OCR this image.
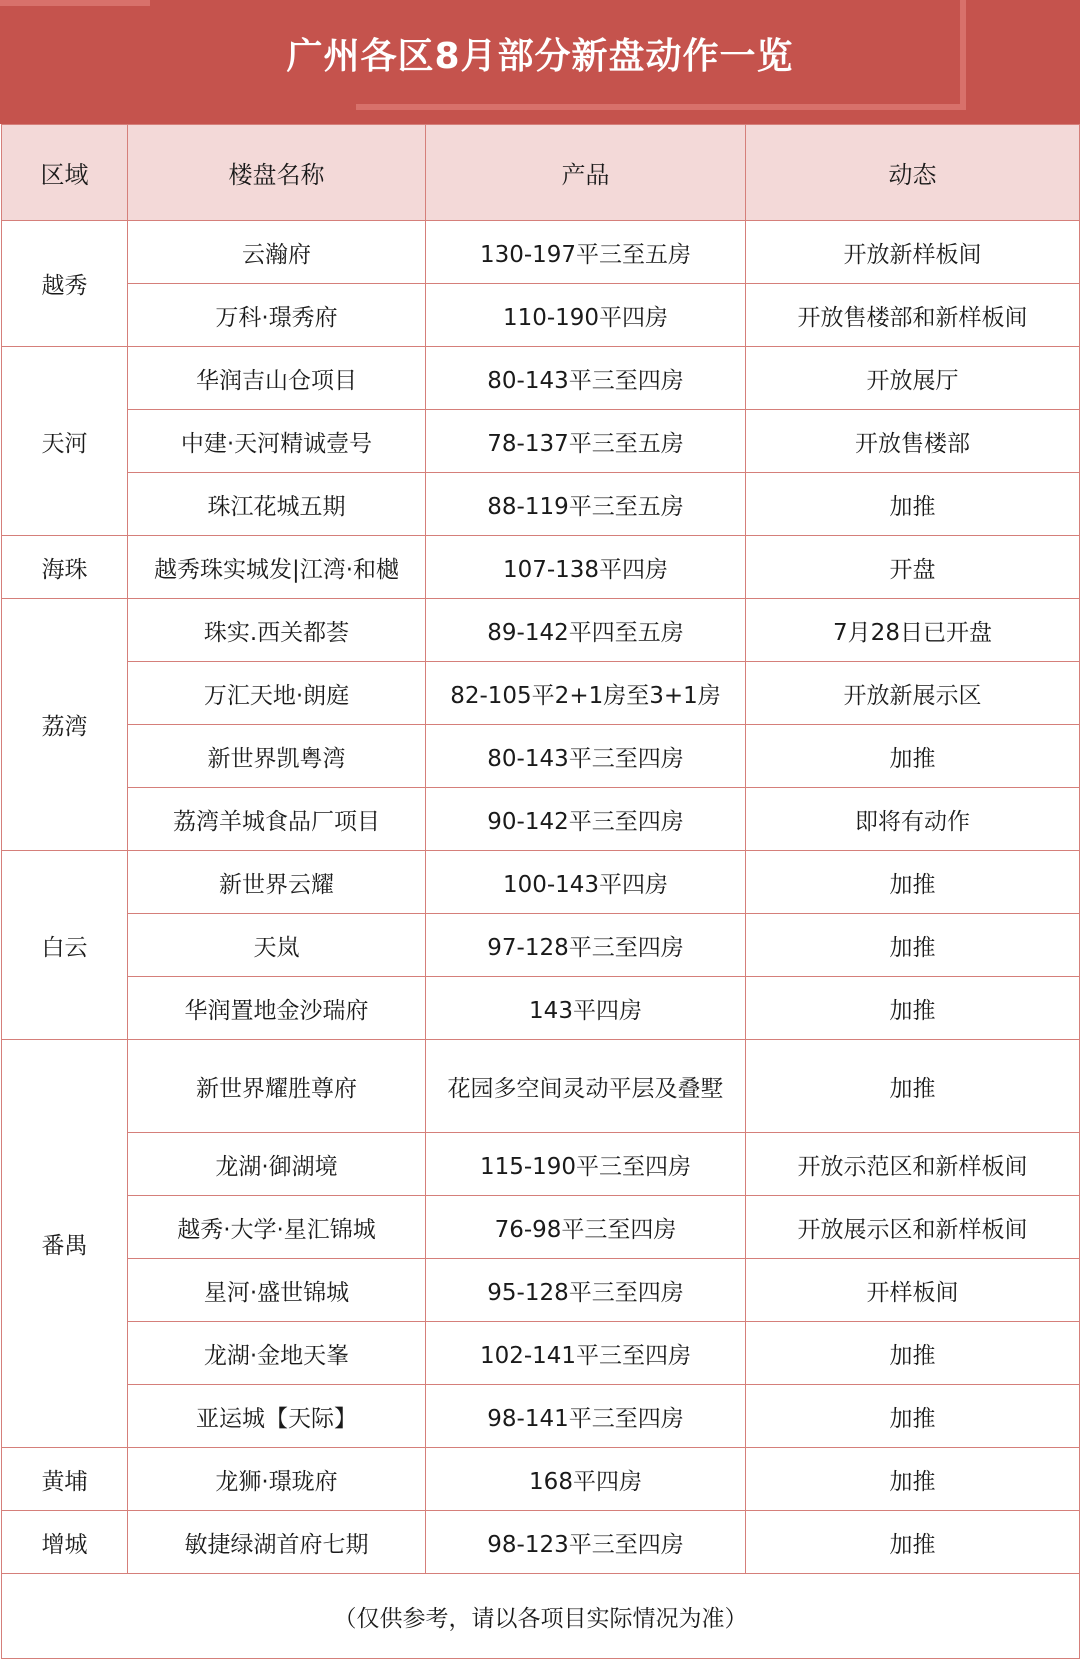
广州各区8月部分新盘动作一览
区域	楼盘名称	产品	动态
越秀	云瀚府	130-197平三至五房	开放新样板间
	万科·璟秀府	110-190平四房	开放售楼部和新样板间
天河	华润吉山仓项目	80-143平三至四房	开放展厅
	中建·天河精诚壹号	78-137平三至五房	开放售楼部
	珠江花城五期	88-119平三至五房	加推
海珠	越秀珠实城发|江湾·和樾	107-138平四房	开盘
荔湾	珠实.西关都荟	89-142平四至五房	7月28日已开盘
	万汇天地·朗庭	82-105平2+1房至3+1房	开放新展示区
	新世界凯粤湾	80-143平三至四房	加推
	荔湾羊城食品厂项目	90-142平三至四房	即将有动作
白云	新世界云耀	100-143平四房	加推
	天岚	97-128平三至四房	加推
	华润置地金沙瑞府	143平四房	加推
番禺	新世界耀胜尊府	花园多空间灵动平层及叠墅	加推
	龙湖·御湖境	115-190平三至四房	开放示范区和新样板间
	越秀·大学·星汇锦城	76-98平三至四房	开放展示区和新样板间
	星河·盛世锦城	95-128平三至四房	开样板间
	龙湖·金地天峯	102-141平三至四房	加推
	亚运城【天际】	98-141平三至四房	加推
黄埔	龙狮·璟珑府	168平四房	加推
增城	敏捷绿湖首府七期	98-123平三至四房	加推
（仅供参考，请以各项目实际情况为准）			
